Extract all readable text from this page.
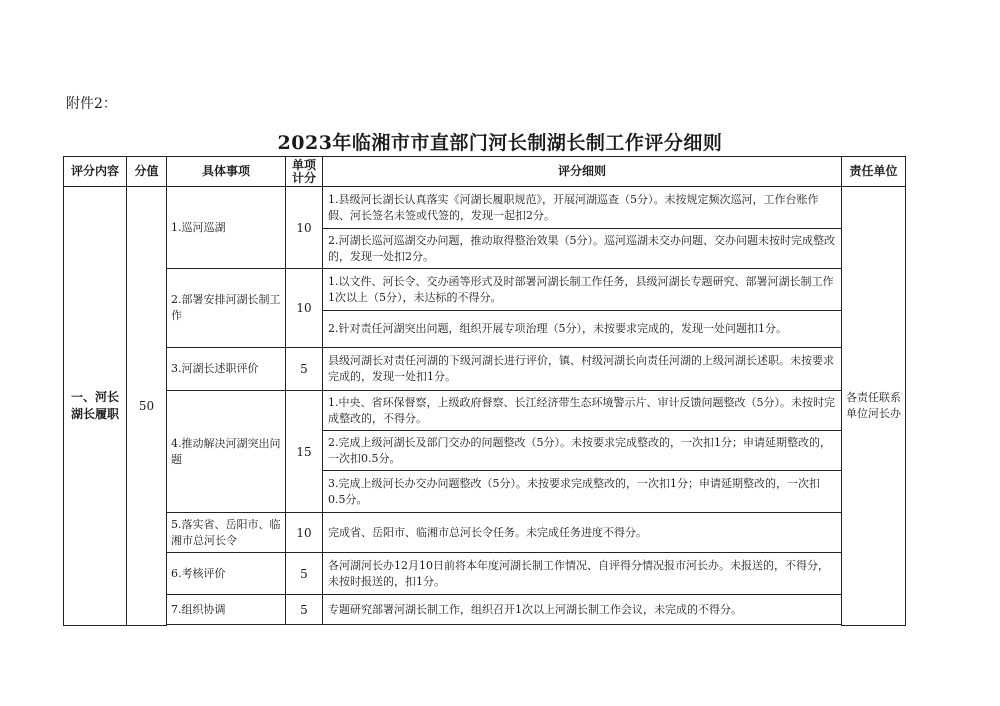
附件2：
2023年临湘市市直部门河长制湖长制工作评分细则
评分内容	分值	具体事项	单项计分	评分细则	责任单位
一、河长湖长履职	50	1.巡河巡湖	10	1.县级河长湖长认真落实《河湖长履职规范》，开展河湖巡查（5分）。未按规定频次巡河，工作台账作假、河长签名未签或代签的，发现一起扣2分。	各责任联系单位河长办
				2.河湖长巡河巡湖交办问题，推动取得整治效果（5分）。巡河巡湖未交办问题、交办问题未按时完成整改的，发现一处扣2分。	
		2.部署安排河湖长制工作	10	1.以文件、河长令、交办函等形式及时部署河湖长制工作任务，县级河湖长专题研究、部署河湖长制工作1次以上（5分），未达标的不得分。	
				2.针对责任河湖突出问题，组织开展专项治理（5分），未按要求完成的，发现一处问题扣1分。	
		3.河湖长述职评价	5	县级河湖长对责任河湖的下级河湖长进行评价，镇、村级河湖长向责任河湖的上级河湖长述职。未按要求完成的，发现一处扣1分。	
		4.推动解决河湖突出问题	15	1.中央、省环保督察，上级政府督察、长江经济带生态环境警示片、审计反馈问题整改（5分）。未按时完成整改的，不得分。	
				2.完成上级河湖长及部门交办的问题整改（5分）。未按要求完成整改的，一次扣1分；申请延期整改的，一次扣0.5分。	
				3.完成上级河长办交办问题整改（5分）。未按要求完成整改的，一次扣1分；申请延期整改的，一次扣0.5分。	
		5.落实省、岳阳市、临湘市总河长令	10	完成省、岳阳市、临湘市总河长令任务。未完成任务进度不得分。	
		6.考核评价	5	各河湖河长办12月10日前将本年度河湖长制工作情况、自评得分情况报市河长办。未报送的，不得分，未按时报送的，扣1分。	
		7.组织协调	5	专题研究部署河湖长制工作，组织召开1次以上河湖长制工作会议，未完成的不得分。	
